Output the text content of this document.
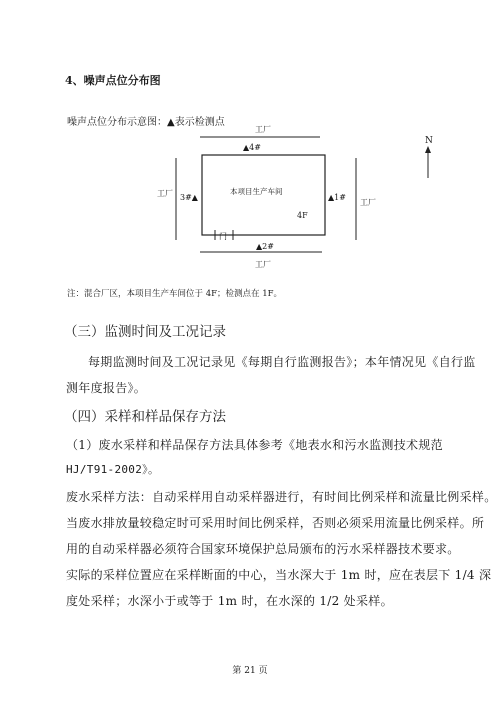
4、噪声点位分布图
噪声点位分布示意图：▲表示检测点
工厂
▲4#
本项目生产车间
4F
工厂 3#▲
工厂
▲1#
门
▲2#
工厂
N
注：混合厂区，本项目生产车间位于 4F；检测点在 1F。
（三）监测时间及工况记录
每期监测时间及工况记录见《每期自行监测报告》；本年情况见《自行监
测年度报告》。
（四）采样和样品保存方法
（1）废水采样和样品保存方法具体参考《地表水和污水监测技术规范
HJ/T91-2002》。
废水采样方法：自动采样用自动采样器进行，有时间比例采样和流量比例采样。
当废水排放量较稳定时可采用时间比例采样，否则必须采用流量比例采样。所
用的自动采样器必须符合国家环境保护总局颁布的污水采样器技术要求。
实际的采样位置应在采样断面的中心，当水深大于 1m 时，应在表层下 1/4 深
度处采样；水深小于或等于 1m 时，在水深的 1/2 处采样。
第 21 页
